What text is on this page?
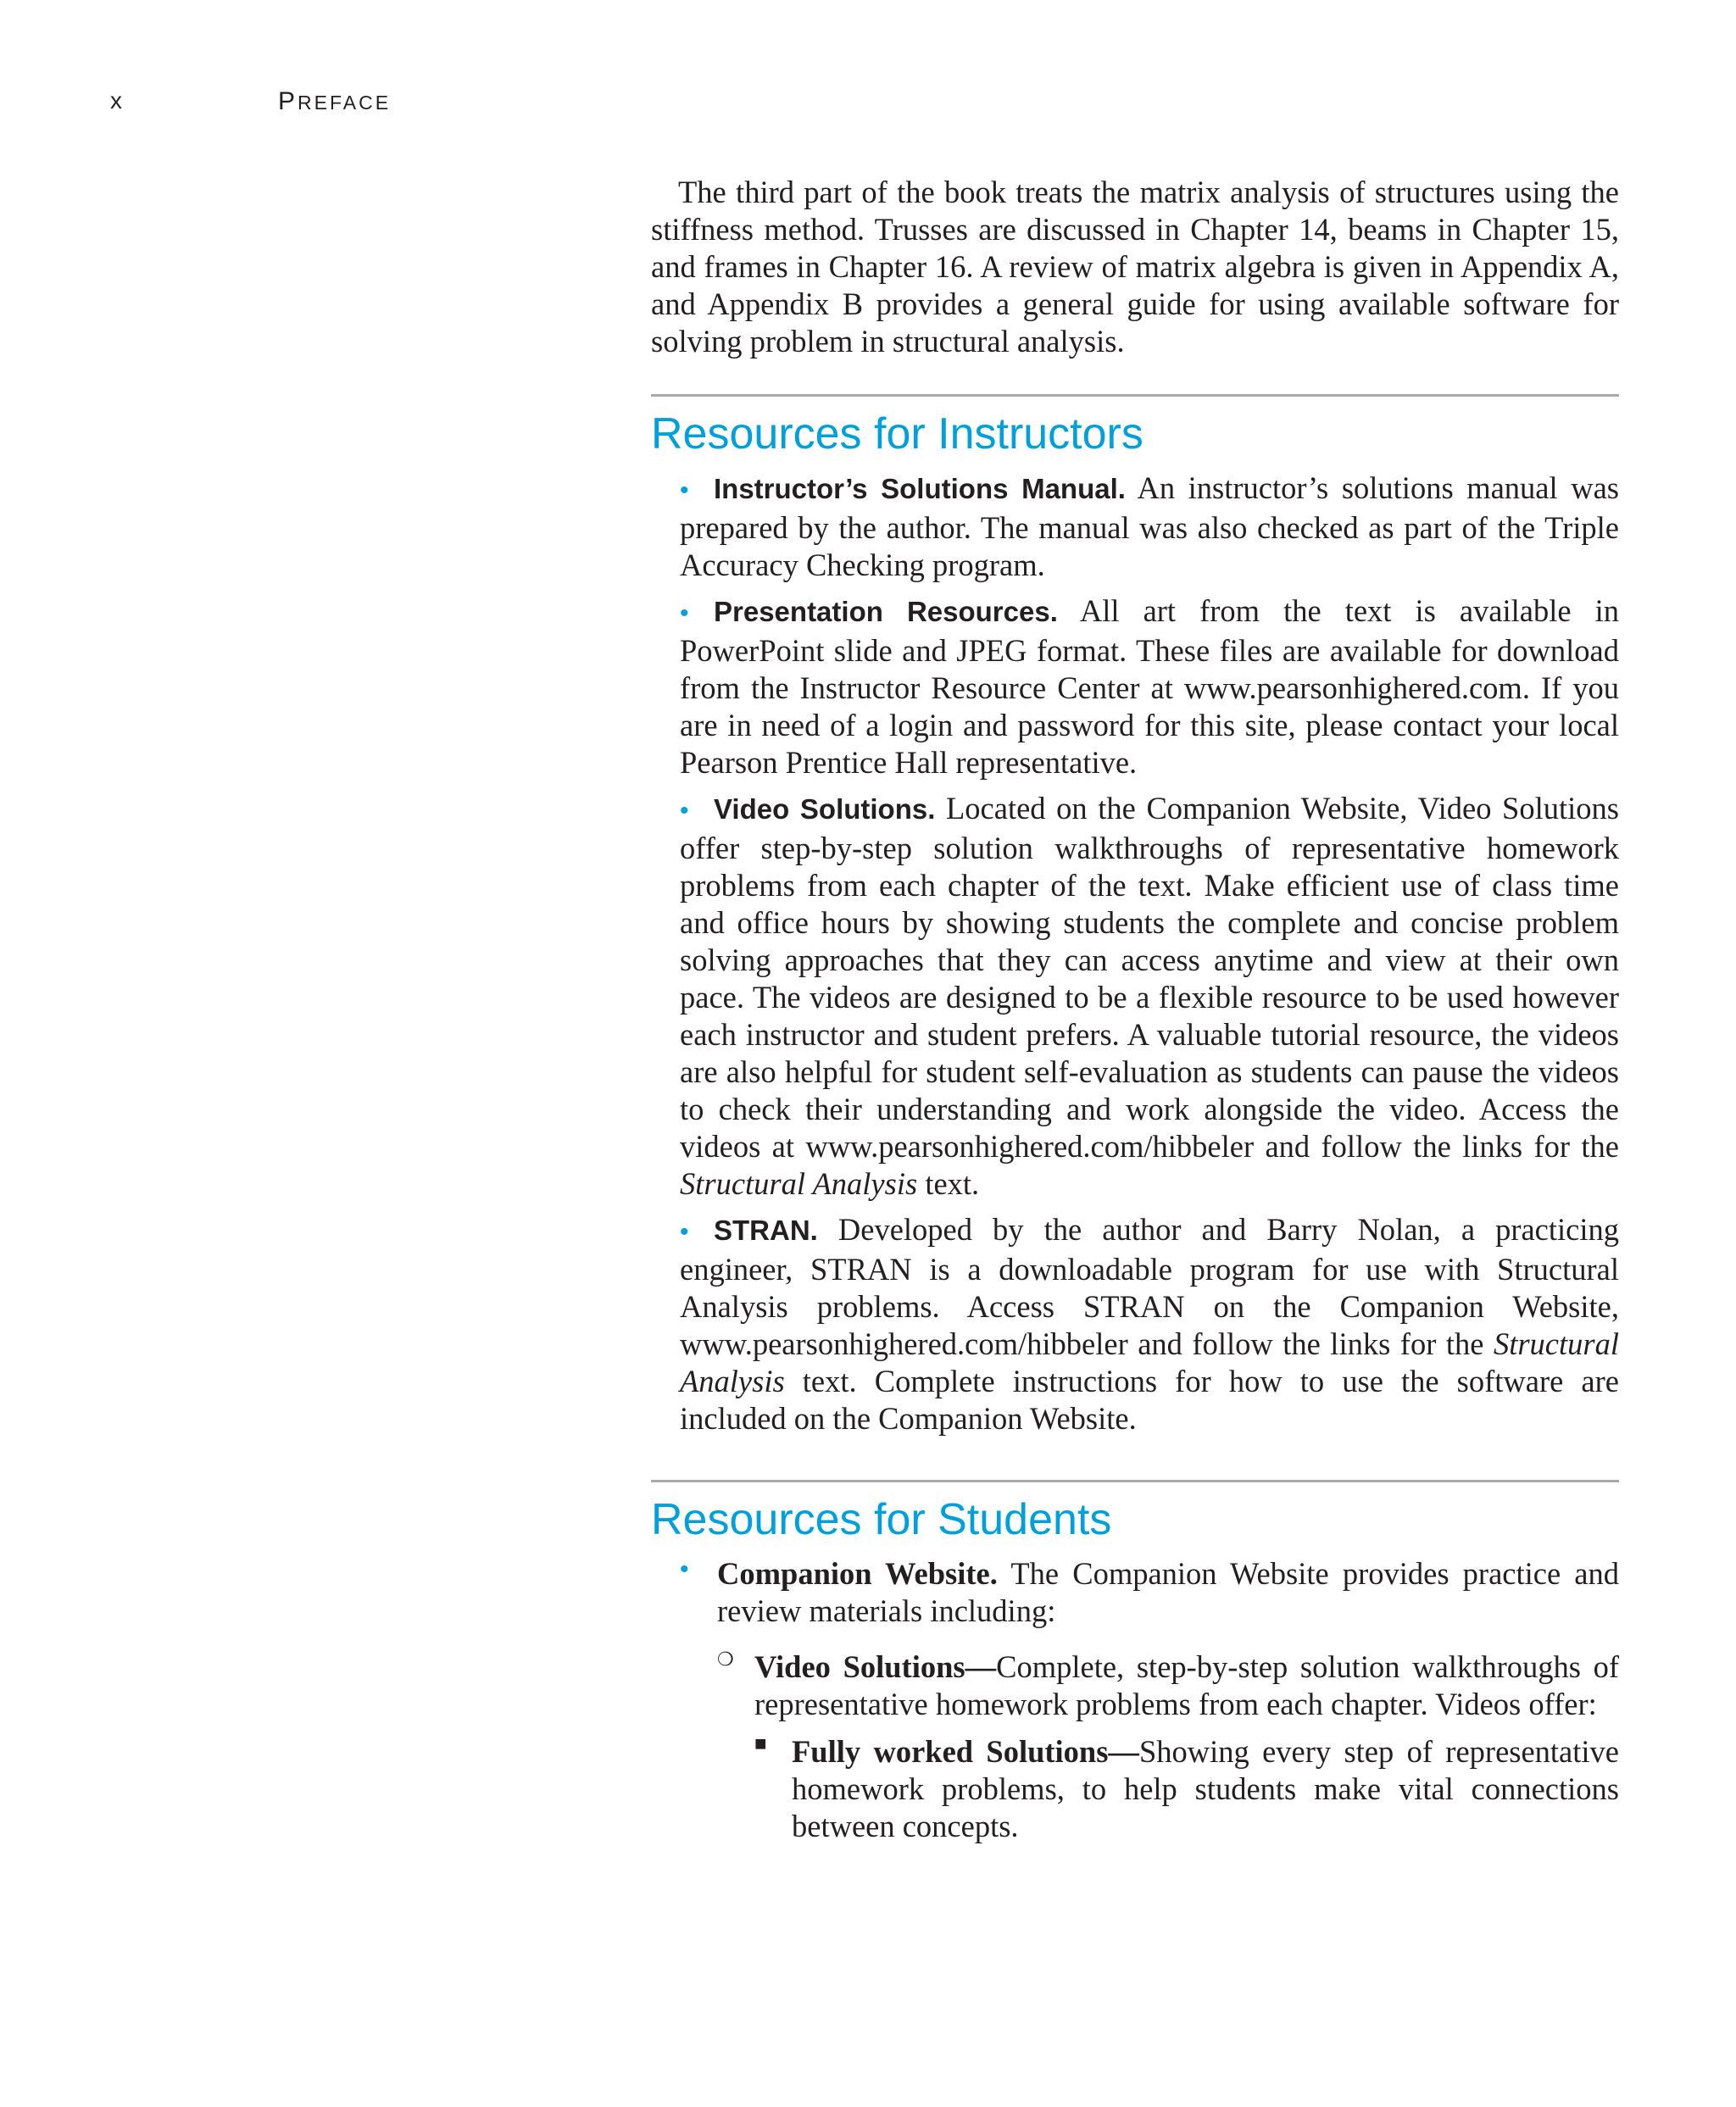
x	PREFACE

The third part of the book treats the matrix analysis of structures using the stiffness method. Trusses are discussed in Chapter 14, beams in Chapter 15, and frames in Chapter 16. A review of matrix algebra is given in Appendix A, and Appendix B provides a general guide for using available software for solving problem in structural analysis.

Resources for Instructors

• Instructor’s Solutions Manual. An instructor’s solutions manual was prepared by the author. The manual was also checked as part of the Triple Accuracy Checking program.

• Presentation Resources. All art from the text is available in PowerPoint slide and JPEG format. These files are available for download from the Instructor Resource Center at www.pearsonhighered.com. If you are in need of a login and password for this site, please contact your local Pearson Prentice Hall representative.

• Video Solutions. Located on the Companion Website, Video Solutions offer step-by-step solution walkthroughs of representative homework problems from each chapter of the text. Make efficient use of class time and office hours by showing students the complete and concise problem solving approaches that they can access anytime and view at their own pace. The videos are designed to be a flexible resource to be used however each instructor and student prefers. A valuable tutorial resource, the videos are also helpful for student self-evaluation as students can pause the videos to check their understanding and work alongside the video. Access the videos at www.pearsonhighered.com/hibbeler and follow the links for the Structural Analysis text.

• STRAN. Developed by the author and Barry Nolan, a practicing engineer, STRAN is a downloadable program for use with Structural Analysis problems. Access STRAN on the Companion Website, www.pearsonhighered.com/hibbeler and follow the links for the Structural Analysis text. Complete instructions for how to use the software are included on the Companion Website.

Resources for Students
• Companion Website. The Companion Website provides practice and review materials including:

❍ Video Solutions—Complete, step-by-step solution walkthroughs of representative homework problems from each chapter. Videos offer:

■ Fully worked Solutions—Showing every step of representative homework problems, to help students make vital connections between concepts.
